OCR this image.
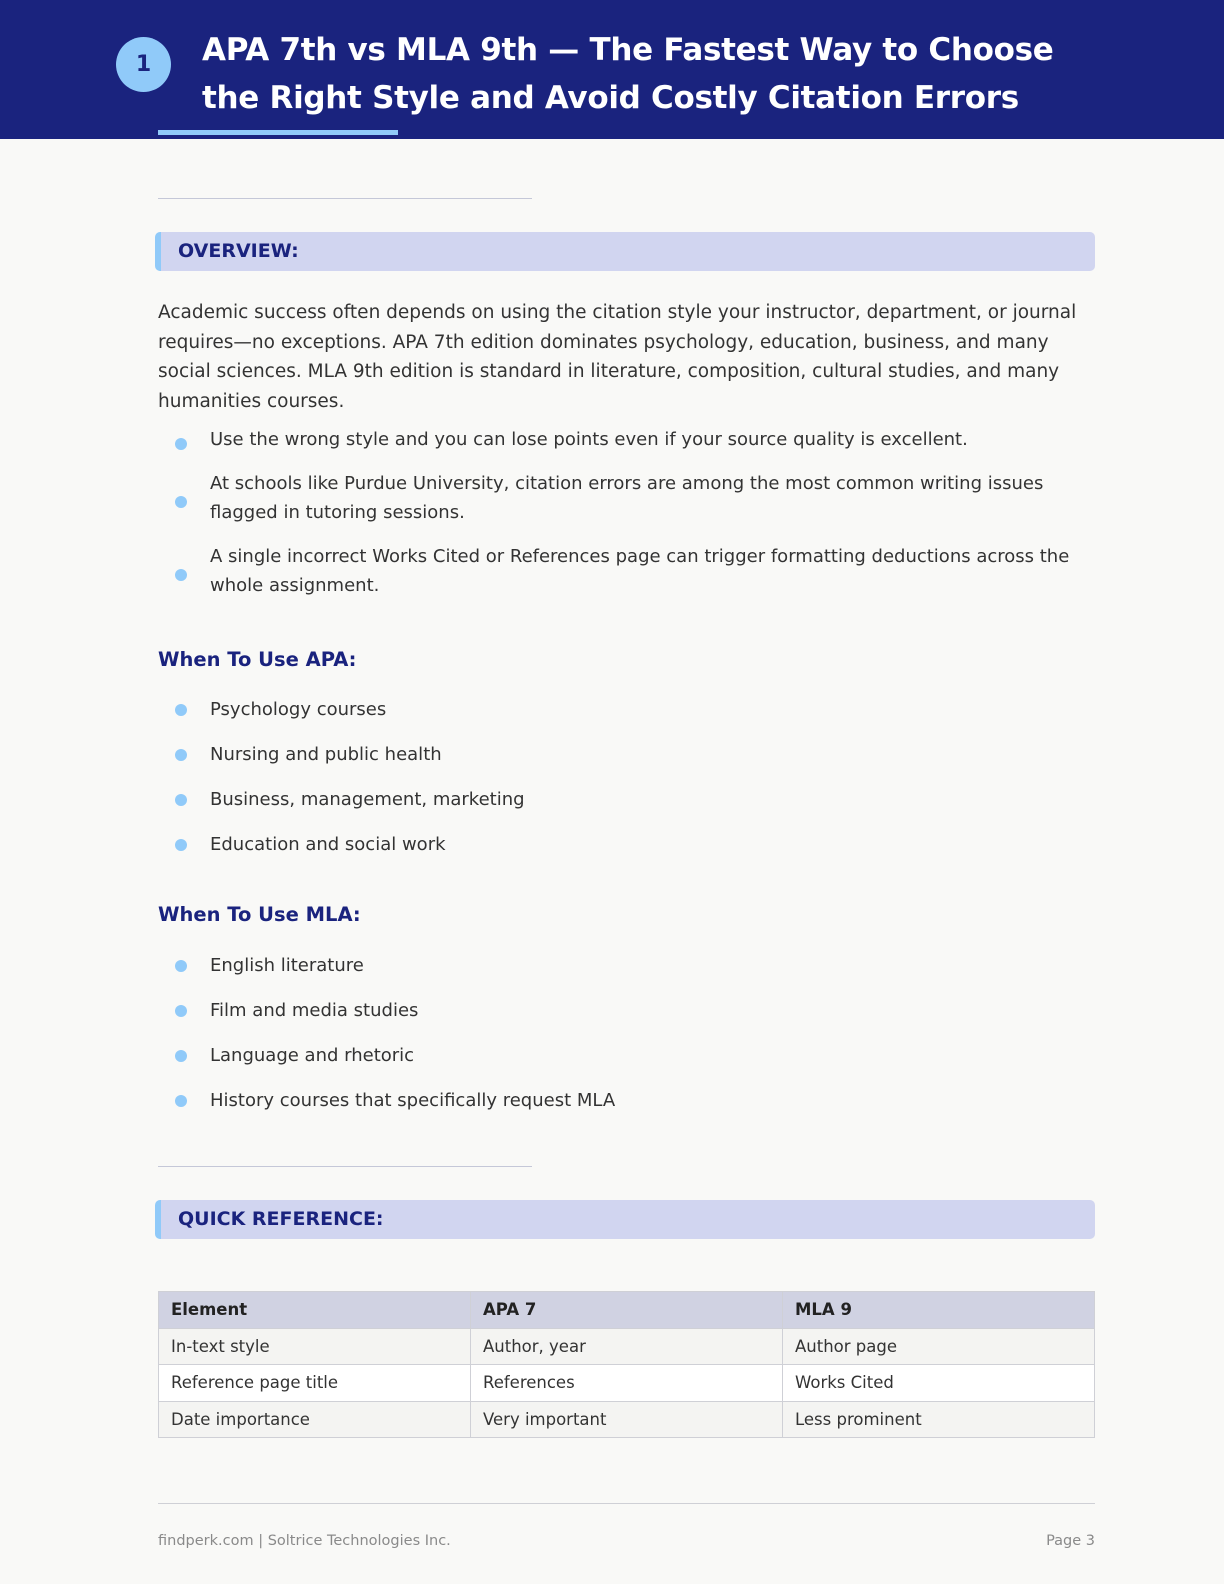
1	APA 7th vs MLA 9th — The Fastest Way to Choose the Right Style and Avoid Costly Citation Errors
OVERVIEW:
Academic success often depends on using the citation style your instructor, department, or journal requires—no exceptions. APA 7th edition dominates psychology, education, business, and many social sciences. MLA 9th edition is standard in literature, composition, cultural studies, and many humanities courses.
Use the wrong style and you can lose points even if your source quality is excellent.
At schools like Purdue University, citation errors are among the most common writing issues flagged in tutoring sessions.
A single incorrect Works Cited or References page can trigger formatting deductions across the whole assignment.
When To Use APA:
Psychology courses
Nursing and public health
Business, management, marketing
Education and social work
When To Use MLA:
English literature
Film and media studies
Language and rhetoric
History courses that specifically request MLA
QUICK REFERENCE:
Element	APA 7	MLA 9
In-text style	Author, year	Author page
Reference page title	References	Works Cited
Date importance	Very important	Less prominent
findperk.com | Soltrice Technologies Inc.	Page 3
